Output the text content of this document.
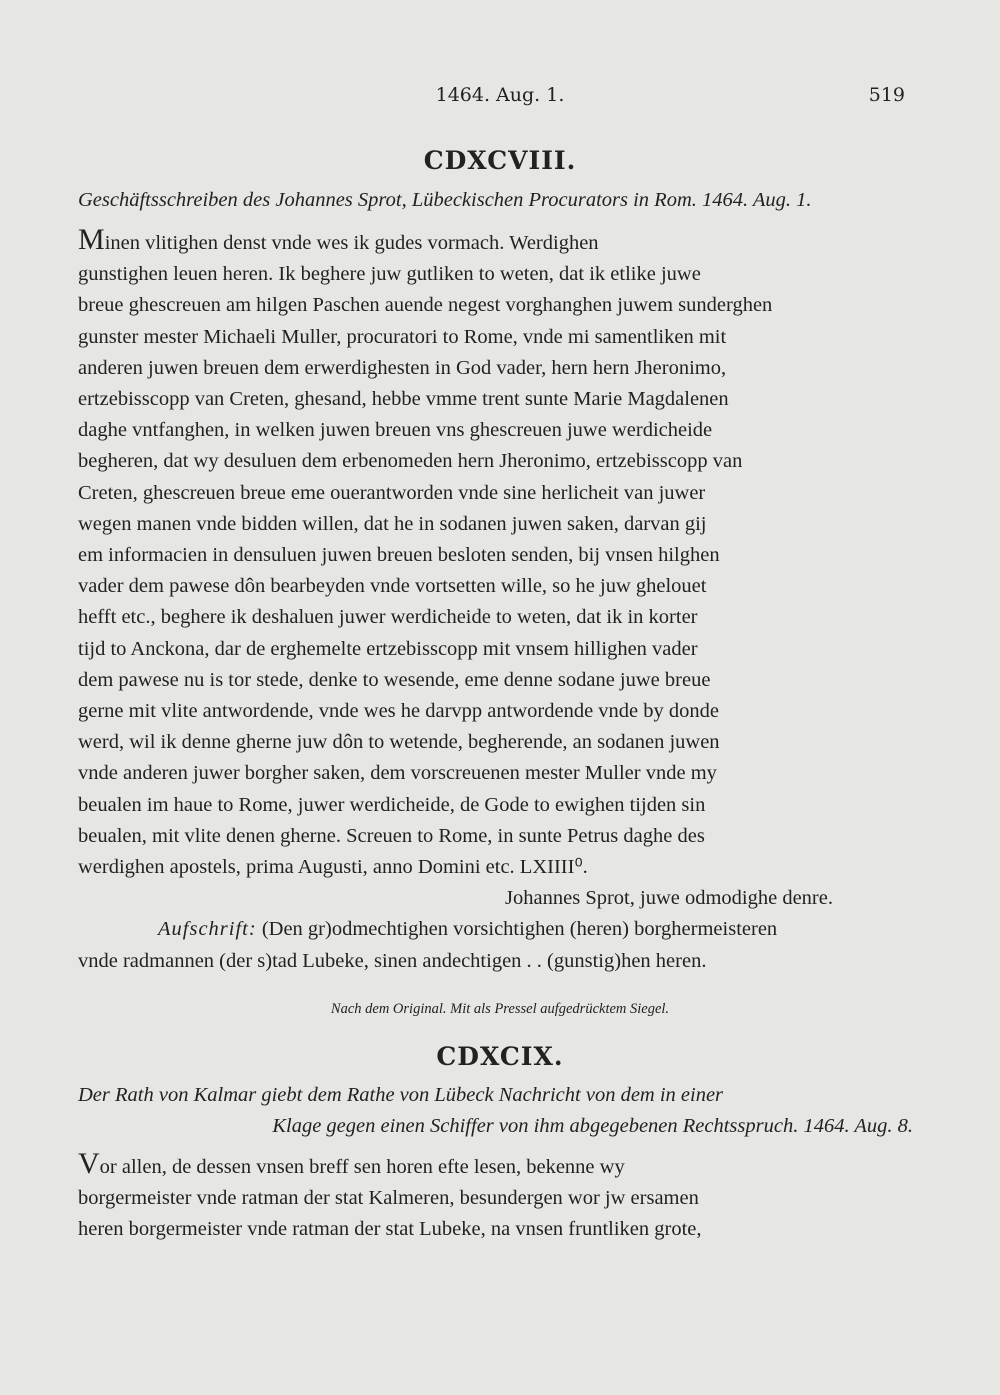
1464. Aug. 1.	519
CDXCVIII.
Geschäftsschreiben des Johannes Sprot, Lübeckischen Procurators in Rom. 1464. Aug. 1.

Minen vlitighen denst vnde wes ik gudes vormach. Werdighen

gunstighen leuen heren. Ik beghere juw gutliken to weten, dat ik etlike juwe

breue ghescreuen am hilgen Paschen auende negest vorghanghen juwem sunderghen

gunster mester Michaeli Muller, procuratori to Rome, vnde mi samentliken mit

anderen juwen breuen dem erwerdighesten in God vader, hern hern Jheronimo,

ertzebisscopp van Creten, ghesand, hebbe vmme trent sunte Marie Magdalenen

daghe vntfanghen, in welken juwen breuen vns ghescreuen juwe werdicheide

begheren, dat wy desuluen dem erbenomeden hern Jheronimo, ertzebisscopp van

Creten, ghescreuen breue eme ouerantworden vnde sine herlicheit van juwer

wegen manen vnde bidden willen, dat he in sodanen juwen saken, darvan gij

em informacien in densuluen juwen breuen besloten senden, bij vnsen hilghen

vader dem pawese dôn bearbeyden vnde vortsetten wille, so he juw ghelouet

hefft etc., beghere ik deshaluen juwer werdicheide to weten, dat ik in korter

tijd to Anckona, dar de erghemelte ertzebisscopp mit vnsem hillighen vader

dem pawese nu is tor stede, denke to wesende, eme denne sodane juwe breue

gerne mit vlite antwordende, vnde wes he darvpp antwordende vnde by donde

werd, wil ik denne gherne juw dôn to wetende, begherende, an sodanen juwen

vnde anderen juwer borgher saken, dem vorscreuenen mester Muller vnde my

beualen im haue to Rome, juwer werdicheide, de Gode to ewighen tijden sin

beualen, mit vlite denen gherne. Screuen to Rome, in sunte Petrus daghe des

werdighen apostels, prima Augusti, anno Domini etc. LXIIII⁰.

Johannes Sprot, juwe odmodighe denre.

Aufschrift: (Den gr)odmechtighen vorsichtighen (heren) borghermeisteren

vnde radmannen (der s)tad Lubeke, sinen andechtigen . . (gunstig)hen heren.

Nach dem Original. Mit als Pressel aufgedrücktem Siegel.
CDXCIX.
Der Rath von Kalmar giebt dem Rathe von Lübeck Nachricht von dem in einer
Klage gegen einen Schiffer von ihm abgegebenen Rechtsspruch. 1464. Aug. 8.

Vor allen, de dessen vnsen breff sen horen efte lesen, bekenne wy

borgermeister vnde ratman der stat Kalmeren, besundergen wor jw ersamen

heren borgermeister vnde ratman der stat Lubeke, na vnsen fruntliken grote,
